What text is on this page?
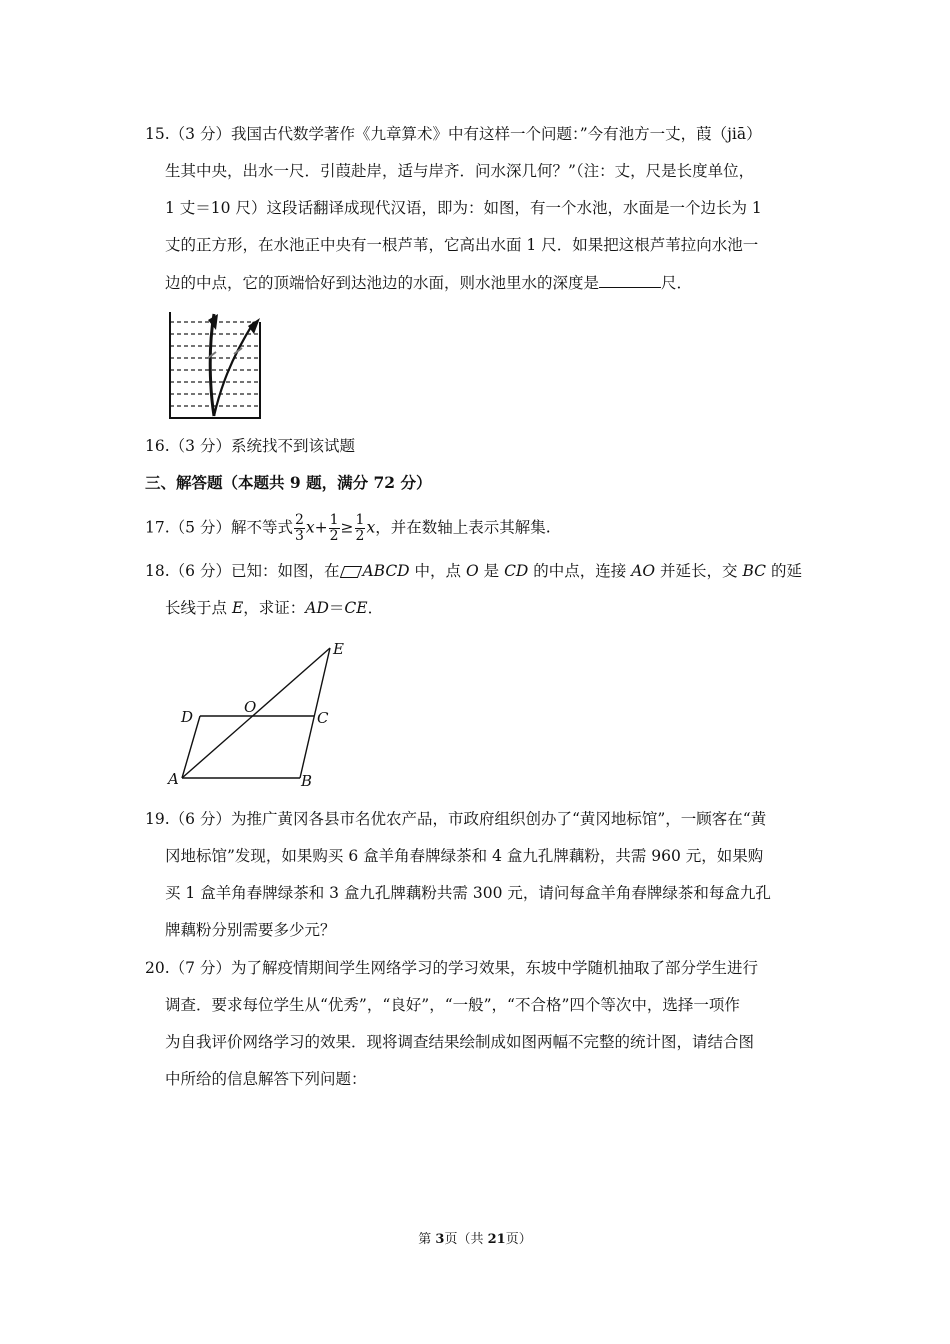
15.（3 分）我国古代数学著作《九章算术》中有这样一个问题：”今有池方一丈，葭（jiā）
生其中央，出水一尺．引葭赴岸，适与岸齐．问水深几何？”（注：丈，尺是长度单位，
1 丈＝10 尺）这段话翻译成现代汉语，即为：如图，有一个水池，水面是一个边长为 1
丈的正方形，在水池正中央有一根芦苇，它高出水面 1 尺．如果把这根芦苇拉向水池一
边的中点，它的顶端恰好到达池边的水面，则水池里水的深度是	尺．
16.（3 分）系统找不到该试题
三、解答题（本题共 9 题，满分 72 分）
17.（5 分）解不等式 $\frac{2}{3} x+ \frac{1}{2} \ge \frac{1}{2}$ x，并在数轴上表示其解集.
18.（6 分）已知：如图，在 ABCD 中，点 O 是 CD 的中点，连接 AO 并延长，交 BC 的延
长线于点 E，求证：AD＝CE．
E
D
O
C
A	B
19.（6 分）为推广黄冈各县市名优农产品，市政府组织创办了“黄冈地标馆”，一顾客在“黄
冈地标馆”发现，如果购买 6 盒羊角春牌绿茶和 4 盒九孔牌藕粉，共需 960 元，如果购
买 1 盒羊角春牌绿茶和 3 盒九孔牌藕粉共需 300 元，请问每盒羊角春牌绿茶和每盒九孔
牌藕粉分别需要多少元？
20.（7 分）为了解疫情期间学生网络学习的学习效果，东坡中学随机抽取了部分学生进行
调查．要求每位学生从“优秀”，“良好”，“一般”，“不合格”四个等次中，选择一项作
为自我评价网络学习的效果．现将调查结果绘制成如图两幅不完整的统计图，请结合图
中所给的信息解答下列问题：
第 3页（共 21页）
